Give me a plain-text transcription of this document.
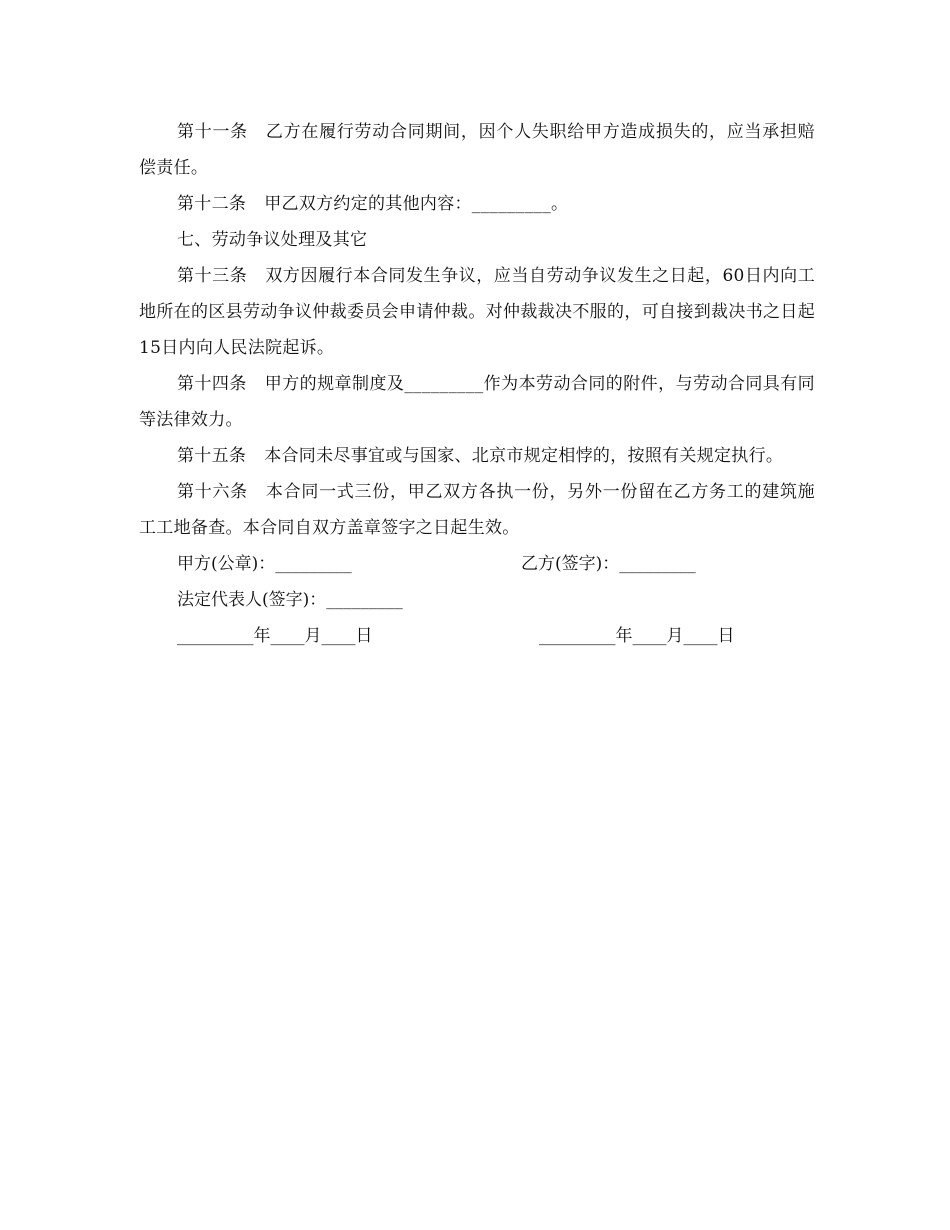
第十一条 乙方在履行劳动合同期间，因个人失职给甲方造成损失的，应当承担赔偿责任。

第十二条 甲乙双方约定的其他内容：_________。

七、劳动争议处理及其它

第十三条 双方因履行本合同发生争议，应当自劳动争议发生之日起，60日内向工地所在的区县劳动争议仲裁委员会申请仲裁。对仲裁裁决不服的，可自接到裁决书之日起15日内向人民法院起诉。

第十四条 甲方的规章制度及_________作为本劳动合同的附件，与劳动合同具有同等法律效力。

第十五条 本合同未尽事宜或与国家、北京市规定相悖的，按照有关规定执行。

第十六条 本合同一式三份，甲乙双方各执一份，另外一份留在乙方务工的建筑施工工地备查。本合同自双方盖章签字之日起生效。

甲方(公章)：_________	乙方(签字)：_________
法定代表人(签字)：_________
_________年____月____日	_________年____月____日
